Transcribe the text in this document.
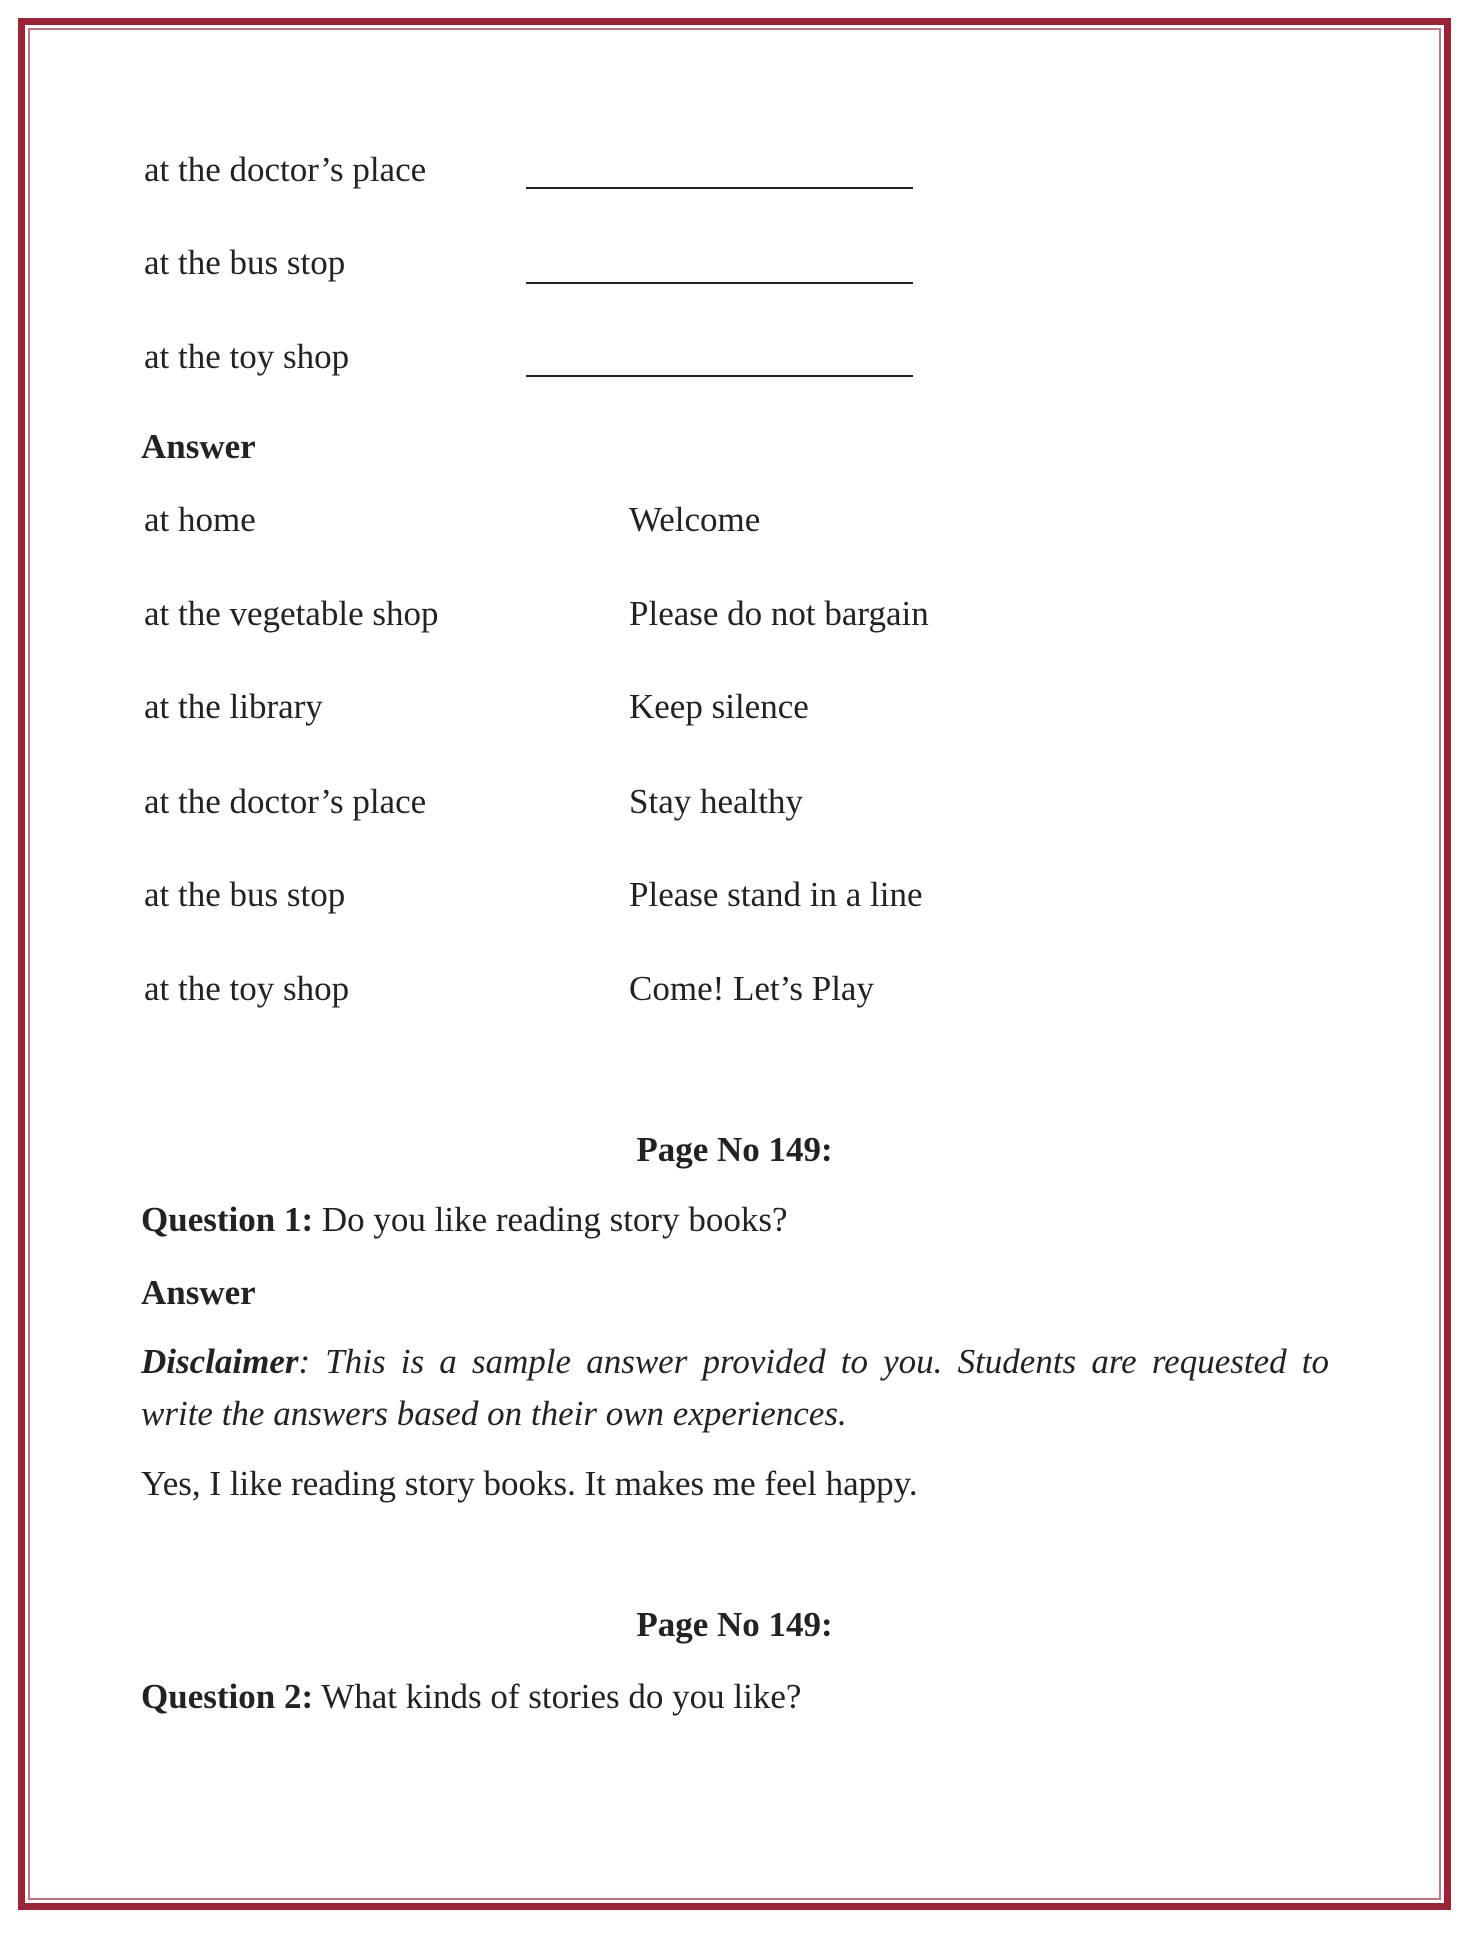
at the doctor’s place
at the bus stop
at the toy shop
Answer
at home	Welcome
at the vegetable shop	Please do not bargain
at the library	Keep silence
at the doctor’s place	Stay healthy
at the bus stop	Please stand in a line
at the toy shop	Come! Let’s Play
Page No 149:
Question 1: Do you like reading story books?
Answer
Disclaimer: This is a sample answer provided to you. Students are requested to write the answers based on their own experiences.
Yes, I like reading story books. It makes me feel happy.
Page No 149:
Question 2: What kinds of stories do you like?
